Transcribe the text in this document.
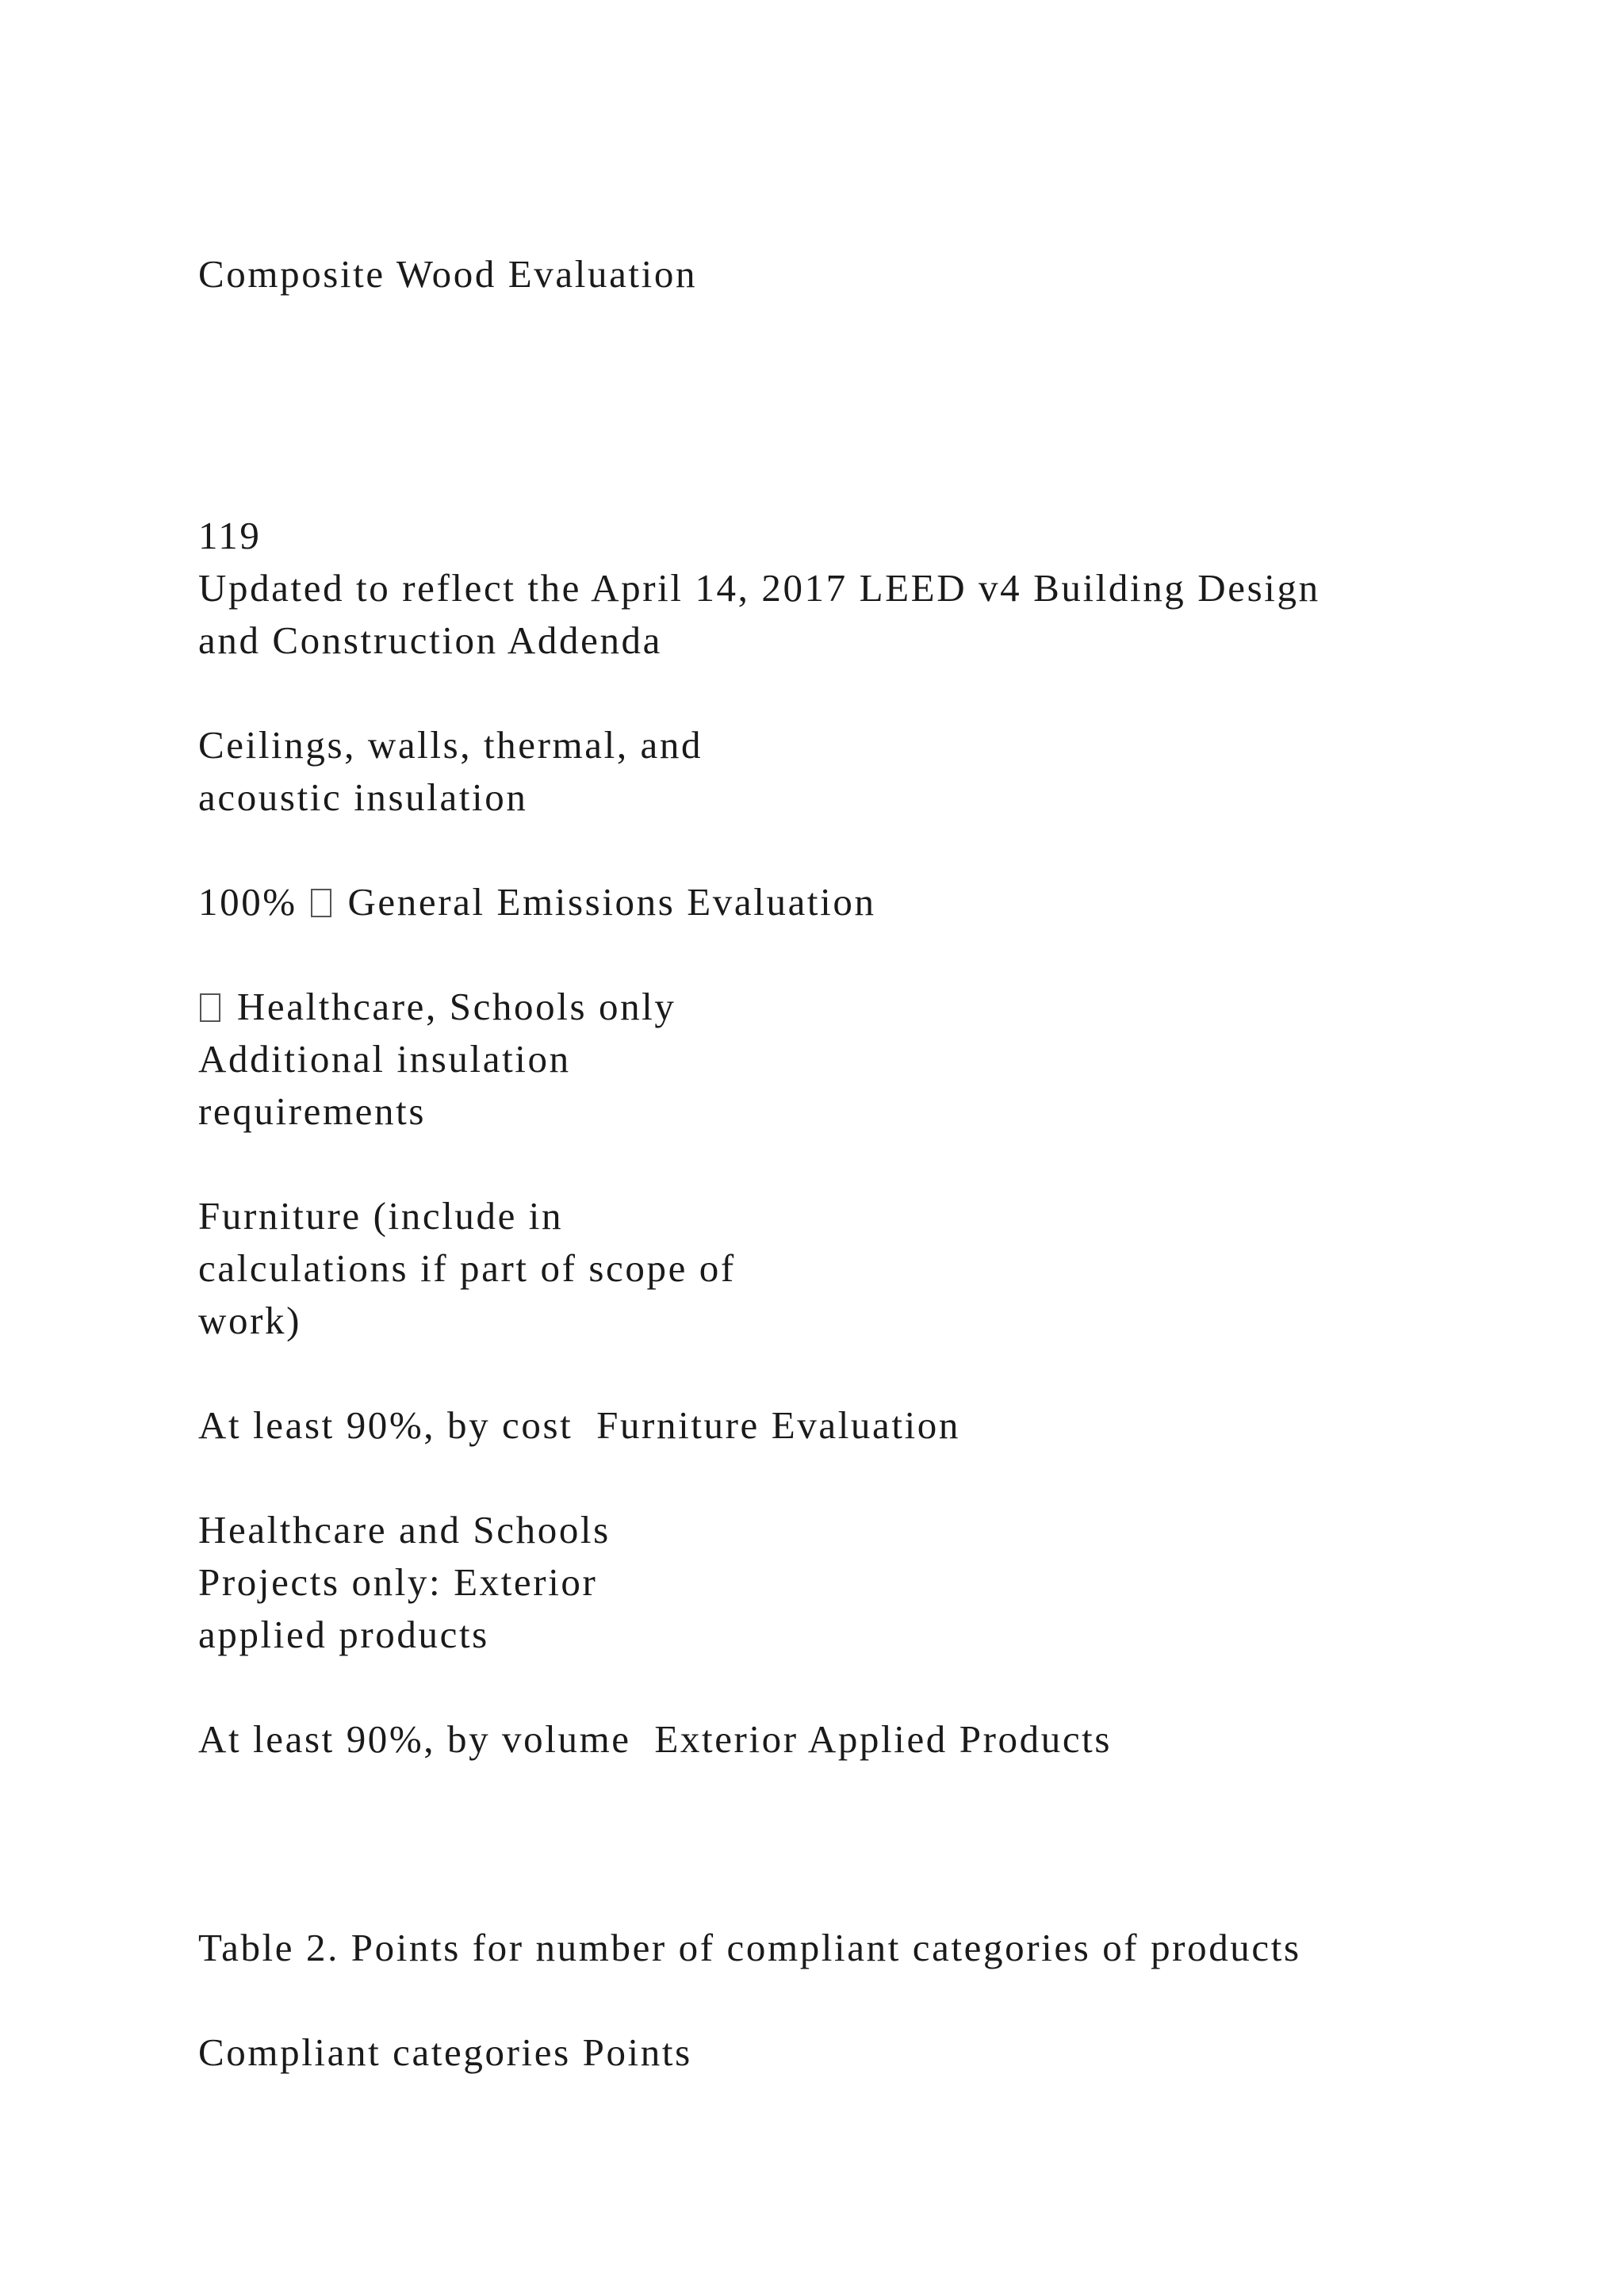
Composite Wood Evaluation
119
Updated to reflect the April 14, 2017 LEED v4 Building Design
and Construction Addenda
Ceilings, walls, thermal, and
acoustic insulation
100% General Emissions Evaluation
Healthcare, Schools only
Additional insulation
requirements
Furniture (include in
calculations if part of scope of
work)
At least 90%, by cost Furniture Evaluation
Healthcare and Schools
Projects only: Exterior
applied products
At least 90%, by volume Exterior Applied Products
Table 2. Points for number of compliant categories of products
Compliant categories Points
